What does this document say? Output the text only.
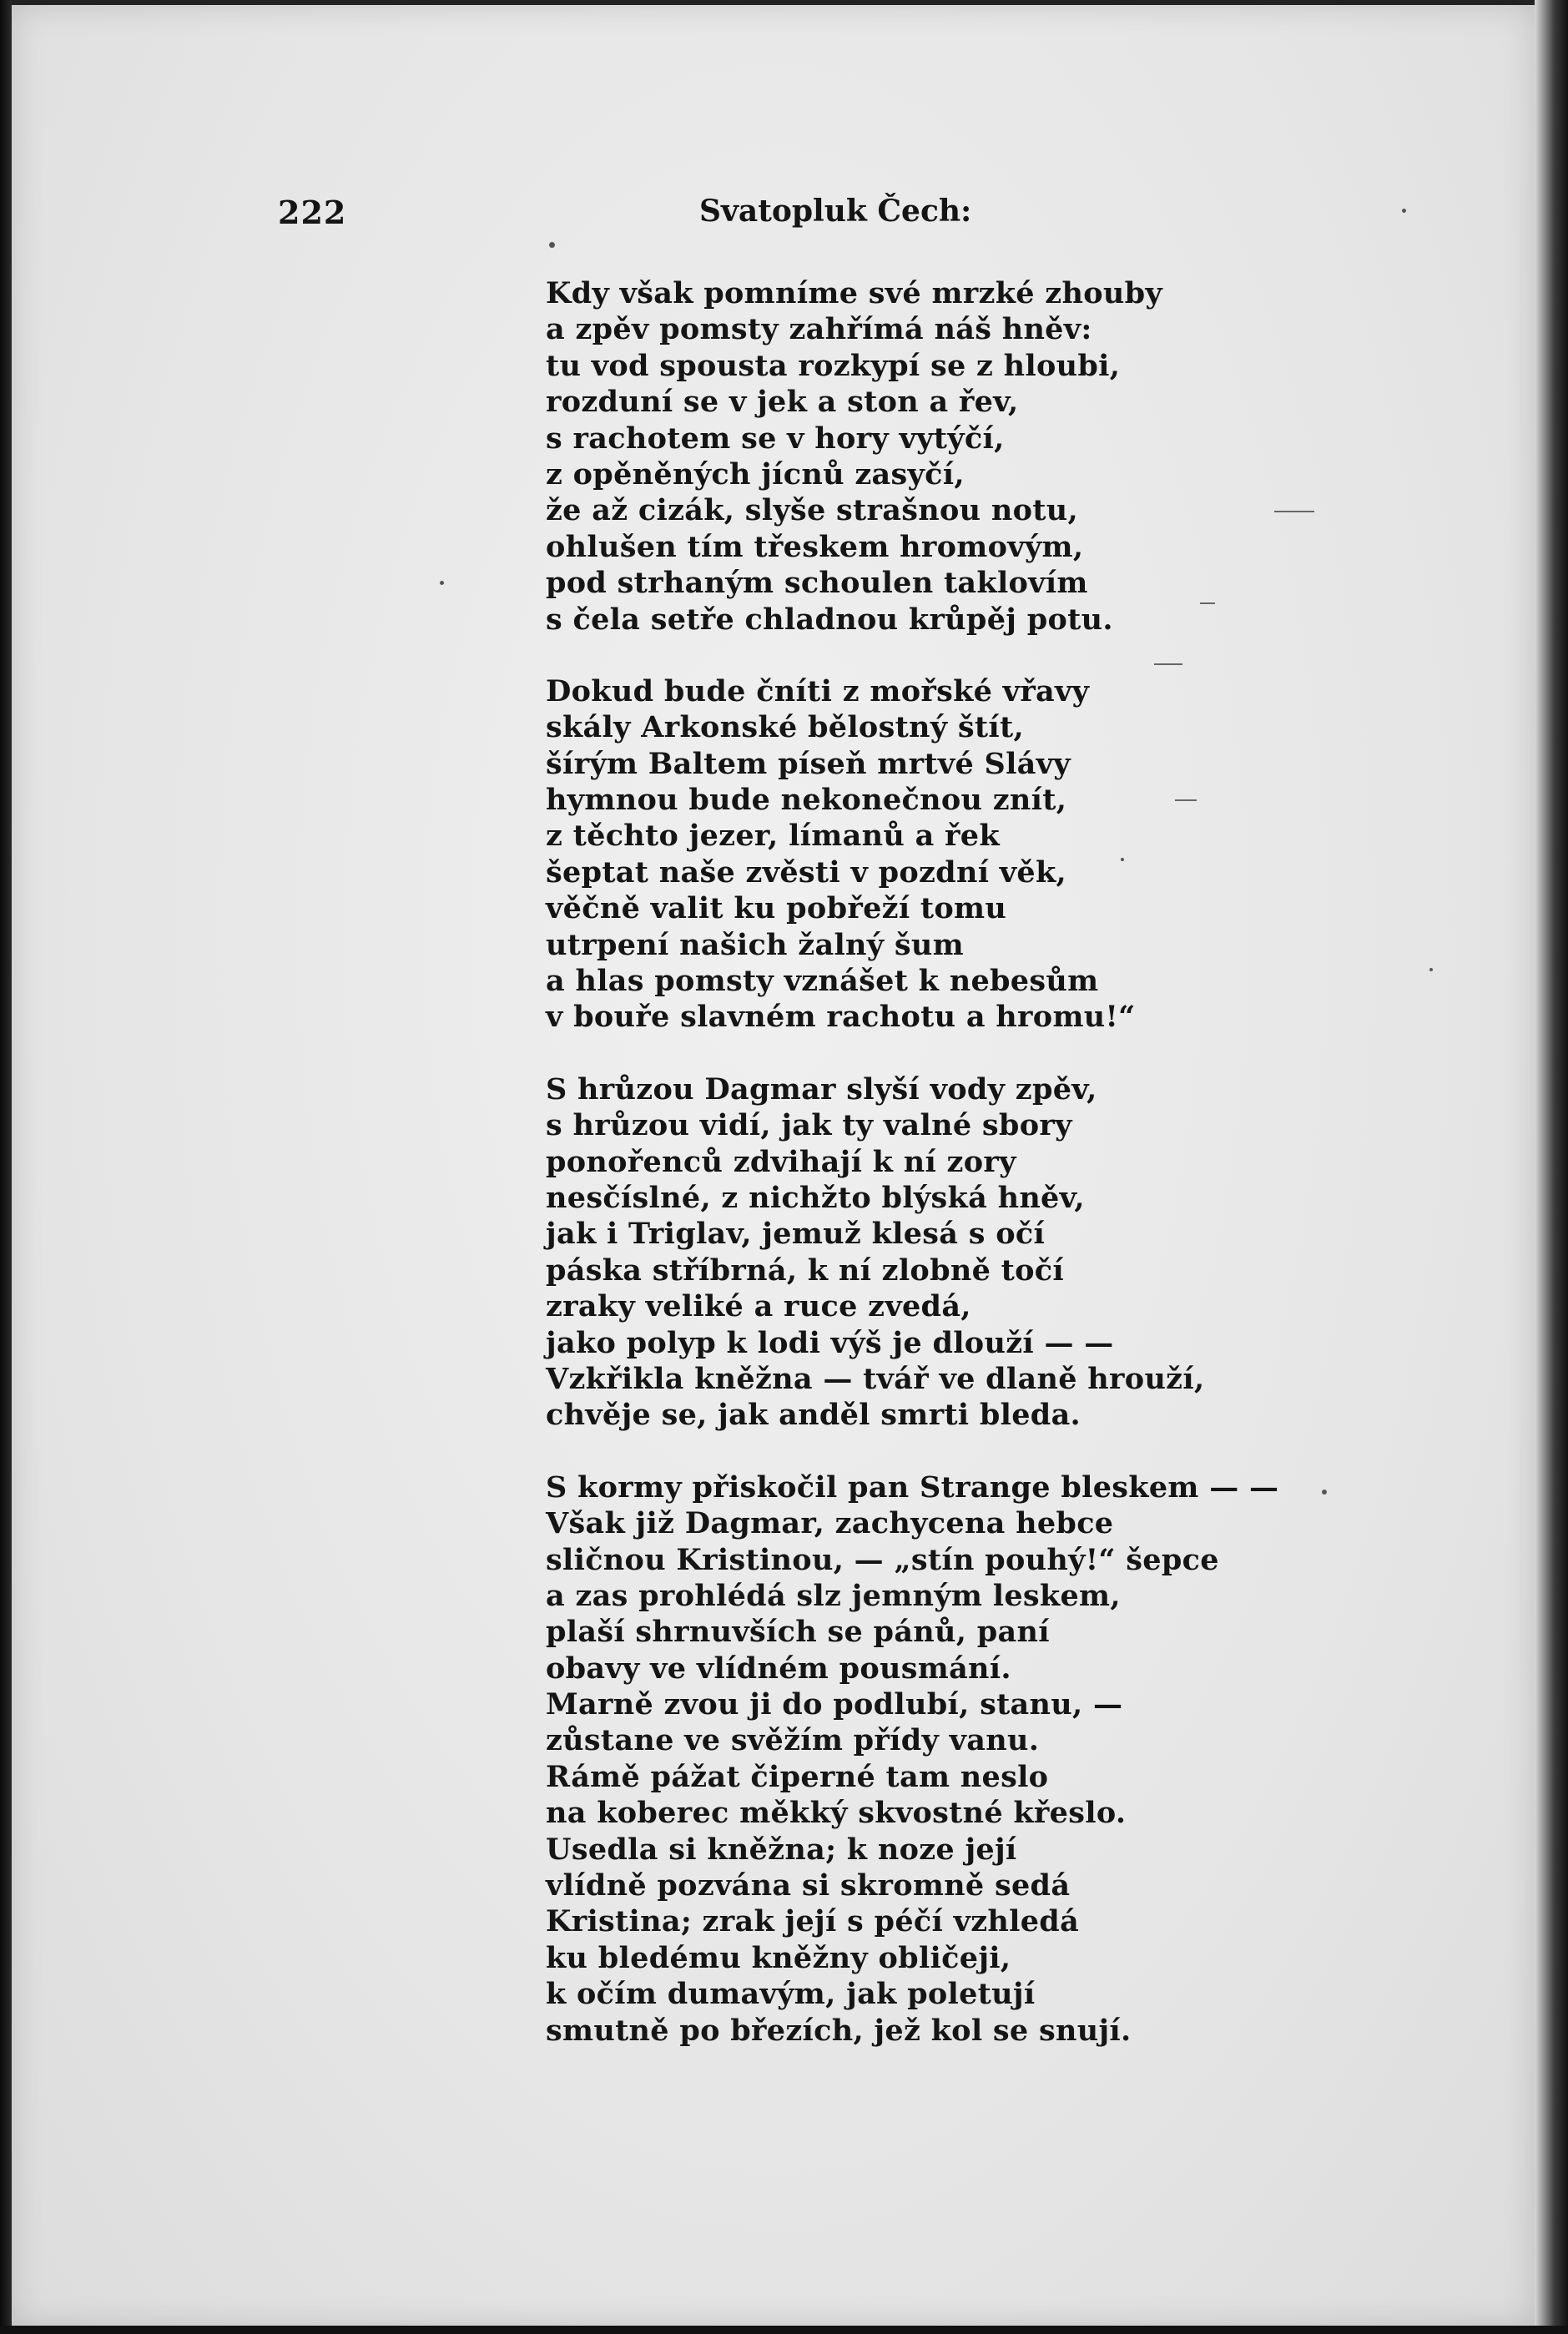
222	Svatopluk Čech:
Kdy však pomníme své mrzké zhouby
a zpěv pomsty zahřímá náš hněv:
tu vod spousta rozkypí se z hloubi,
rozduní se v jek a ston a řev,
s rachotem se v hory vytýčí,
z opěněných jícnů zasyčí,
že až cizák, slyše strašnou notu,
ohlušen tím třeskem hromovým,
pod strhaným schoulen taklovím
s čela setře chladnou krůpěj potu.
Dokud bude čníti z mořské vřavy
skály Arkonské bělostný štít,
šírým Baltem píseň mrtvé Slávy
hymnou bude nekonečnou znít,
z těchto jezer, límanů a řek
šeptat naše zvěsti v pozdní věk,
věčně valit ku pobřeží tomu
utrpení našich žalný šum
a hlas pomsty vznášet k nebesům
v bouře slavném rachotu a hromu!“
S hrůzou Dagmar slyší vody zpěv,
s hrůzou vidí, jak ty valné sbory
ponořenců zdvihají k ní zory
nesčíslné, z nichžto blýská hněv,
jak i Triglav, jemuž klesá s očí
páska stříbrná, k ní zlobně točí
zraky veliké a ruce zvedá,
jako polyp k lodi výš je dlouží — —
Vzkřikla kněžna — tvář ve dlaně hrouží,
chvěje se, jak anděl smrti bleda.
S kormy přiskočil pan Strange bleskem — —
Však již Dagmar, zachycena hebce
sličnou Kristinou, — „stín pouhý!“ šepce
a zas prohlédá slz jemným leskem,
plaší shrnuvších se pánů, paní
obavy ve vlídném pousmání.
Marně zvou ji do podlubí, stanu, —
zůstane ve svěžím přídy vanu.
Rámě pážat čiperné tam neslo
na koberec měkký skvostné křeslo.
Usedla si kněžna; k noze její
vlídně pozvána si skromně sedá
Kristina; zrak její s péčí vzhledá
ku bledému kněžny obličeji,
k očím dumavým, jak poletují
smutně po březích, jež kol se snují.
